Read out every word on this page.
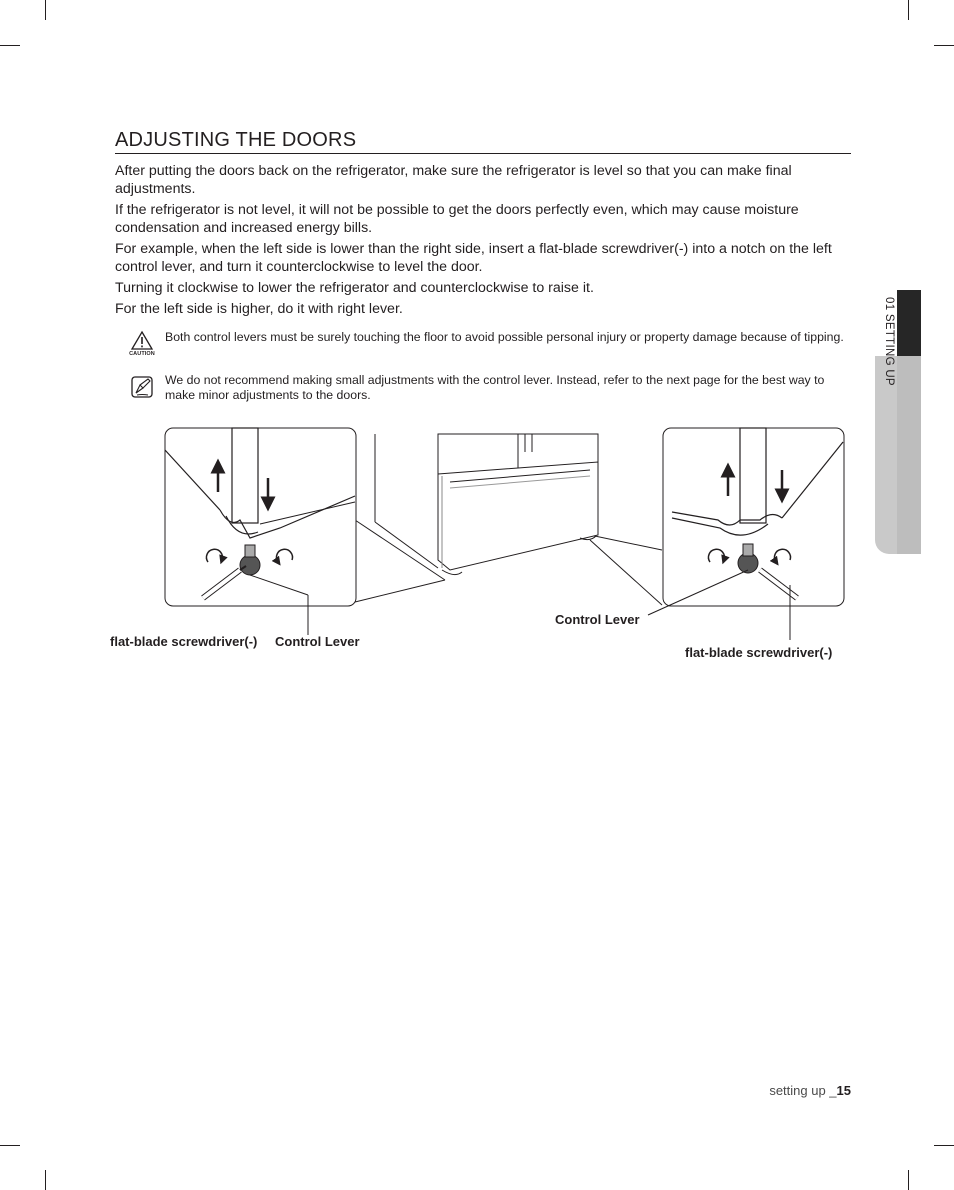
01 SETTING UP
ADJUSTING THE DOORS

After putting the doors back on the refrigerator, make sure the refrigerator is level so that you can make final adjustments.

If the refrigerator is not level, it will not be possible to get the doors perfectly even, which may cause moisture condensation and increased energy bills.

For example, when the left side is lower than the right side, insert a flat-blade screwdriver(-) into a notch on the left control lever, and turn it counterclockwise to level the door.

Turning it clockwise to lower the refrigerator and counterclockwise to raise it.

For the left side is higher, do it with right lever.

CAUTION
Both control levers must be surely touching the floor to avoid possible personal injury or property damage because of tipping.
We do not recommend making small adjustments with the control lever. Instead, refer to the next page for the best way to make minor adjustments to the doors.
flat-blade screwdriver(-) Control Lever
Control Lever
flat-blade screwdriver(-)
setting up _15
